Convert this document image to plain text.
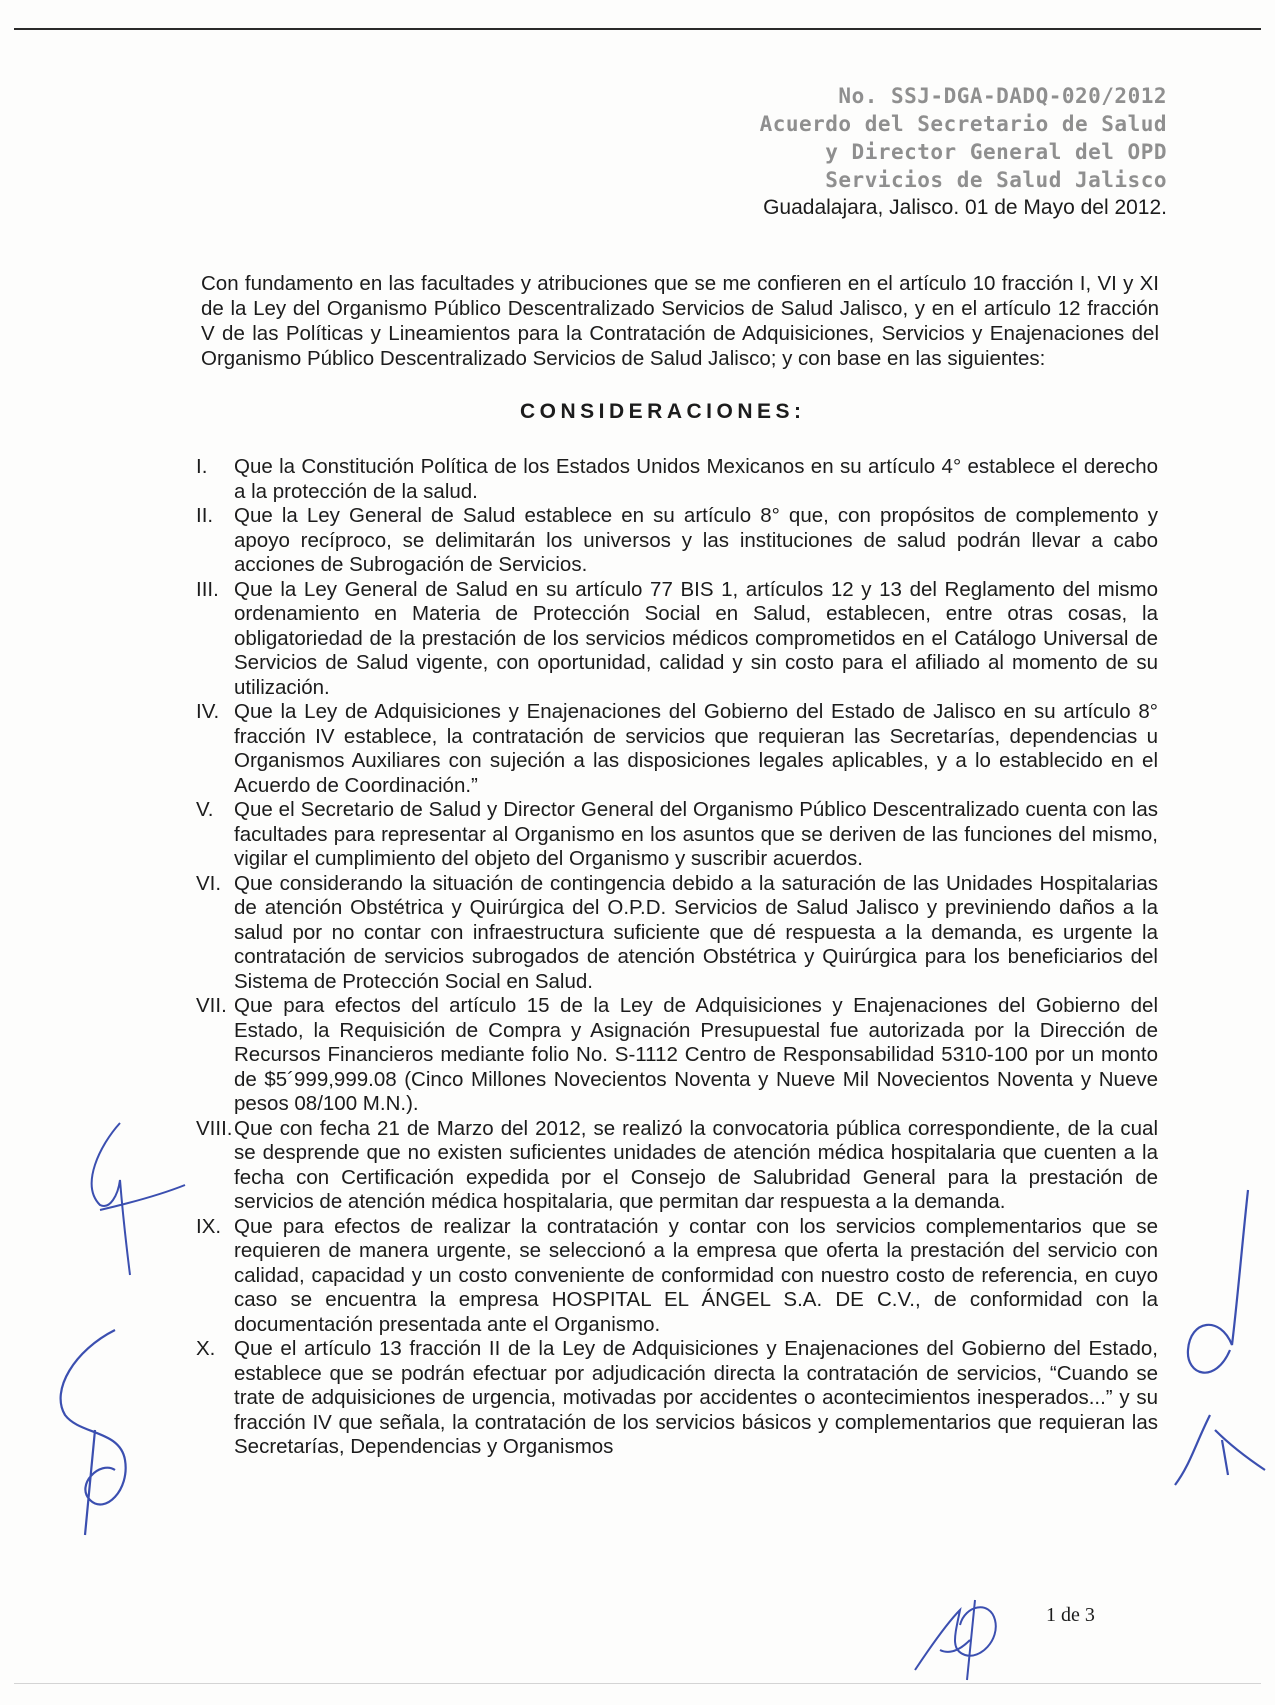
No. SSJ-DGA-DADQ-020/2012
Acuerdo del Secretario de Salud
y Director General del OPD
Servicios de Salud Jalisco
Guadalajara, Jalisco. 01 de Mayo del 2012.

Con fundamento en las facultades y atribuciones que se me confieren en el artículo 10 fracción I, VI y XI de la Ley del Organismo Público Descentralizado Servicios de Salud Jalisco, y en el artículo 12 fracción V de las Políticas y Lineamientos para la Contratación de Adquisiciones, Servicios y Enajenaciones del Organismo Público Descentralizado Servicios de Salud Jalisco; y con base en las siguientes:

CONSIDERACIONES:
I. Que la Constitución Política de los Estados Unidos Mexicanos en su artículo 4° establece el derecho a la protección de la salud.
II. Que la Ley General de Salud establece en su artículo 8° que, con propósitos de complemento y apoyo recíproco, se delimitarán los universos y las instituciones de salud podrán llevar a cabo acciones de Subrogación de Servicios.
III. Que la Ley General de Salud en su artículo 77 BIS 1, artículos 12 y 13 del Reglamento del mismo ordenamiento en Materia de Protección Social en Salud, establecen, entre otras cosas, la obligatoriedad de la prestación de los servicios médicos comprometidos en el Catálogo Universal de Servicios de Salud vigente, con oportunidad, calidad y sin costo para el afiliado al momento de su utilización.
IV. Que la Ley de Adquisiciones y Enajenaciones del Gobierno del Estado de Jalisco en su artículo 8° fracción IV establece, la contratación de servicios que requieran las Secretarías, dependencias u Organismos Auxiliares con sujeción a las disposiciones legales aplicables, y a lo establecido en el Acuerdo de Coordinación.”
V. Que el Secretario de Salud y Director General del Organismo Público Descentralizado cuenta con las facultades para representar al Organismo en los asuntos que se deriven de las funciones del mismo, vigilar el cumplimiento del objeto del Organismo y suscribir acuerdos.
VI. Que considerando la situación de contingencia debido a la saturación de las Unidades Hospitalarias de atención Obstétrica y Quirúrgica del O.P.D. Servicios de Salud Jalisco y previniendo daños a la salud por no contar con infraestructura suficiente que dé respuesta a la demanda, es urgente la contratación de servicios subrogados de atención Obstétrica y Quirúrgica para los beneficiarios del Sistema de Protección Social en Salud.
VII. Que para efectos del artículo 15 de la Ley de Adquisiciones y Enajenaciones del Gobierno del Estado, la Requisición de Compra y Asignación Presupuestal fue autorizada por la Dirección de Recursos Financieros mediante folio No. S-1112 Centro de Responsabilidad 5310-100 por un monto de $5´999,999.08 (Cinco Millones Novecientos Noventa y Nueve Mil Novecientos Noventa y Nueve pesos 08/100 M.N.).
VIII. Que con fecha 21 de Marzo del 2012, se realizó la convocatoria pública correspondiente, de la cual se desprende que no existen suficientes unidades de atención médica hospitalaria que cuenten a la fecha con Certificación expedida por el Consejo de Salubridad General para la prestación de servicios de atención médica hospitalaria, que permitan dar respuesta a la demanda.
IX. Que para efectos de realizar la contratación y contar con los servicios complementarios que se requieren de manera urgente, se seleccionó a la empresa que oferta la prestación del servicio con calidad, capacidad y un costo conveniente de conformidad con nuestro costo de referencia, en cuyo caso se encuentra la empresa HOSPITAL EL ÁNGEL S.A. DE C.V., de conformidad con la documentación presentada ante el Organismo.
X. Que el artículo 13 fracción II de la Ley de Adquisiciones y Enajenaciones del Gobierno del Estado, establece que se podrán efectuar por adjudicación directa la contratación de servicios, “Cuando se trate de adquisiciones de urgencia, motivadas por accidentes o acontecimientos inesperados...” y su fracción IV que señala, la contratación de los servicios básicos y complementarios que requieran las Secretarías, Dependencias y Organismos
1 de 3
